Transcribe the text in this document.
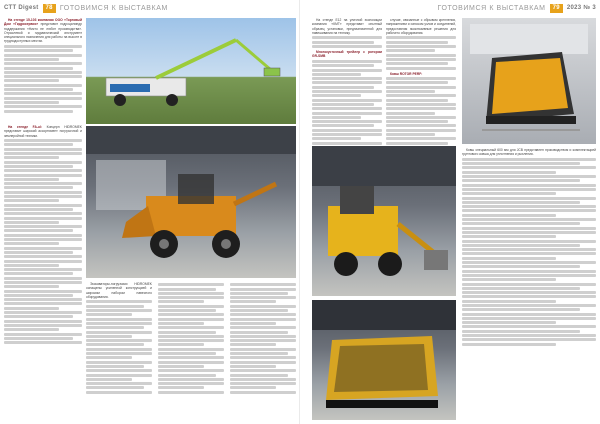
СТТ Digest	78	ГОТОВИМСЯ К ВЫСТАВКАМ

На стенде 15-103 компании ООО «Торговый Дом «Гидросервис» представит гидроцилиндр поддержания «Никто не любит производства». Отраслевой и гидравлический инструмент специального назначения для работы на высоте в труднодоступных местах.

На стенде FA-ul: Концерн HIDROMEK представит широкий ассортимент погрузочной и землеройной техники.

Экскаваторы-погрузчики HIDROMEK оснащены усиленной конструкцией и широким набором навесного оборудования.

ГОТОВИМСЯ К ВЫСТАВКАМ	79	2023 № 3

На стенде E12 на уличной экспозиции компания «КМТ» представит опытный образец установки, предназначенной для навешивания на технику.

Многокусточный трейлер с ротором GR-SMB

случае, связанные с обрывом крепления, напряжением и износом узлов и соединений, предоставляя эксклюзивные решения для рабочего оборудования.

Ковш ROTOR PERF:

Ковш специальный 600 мм для JCB представлен производством и комплектацией грунтового ковша для уплотнения и рыхления.
